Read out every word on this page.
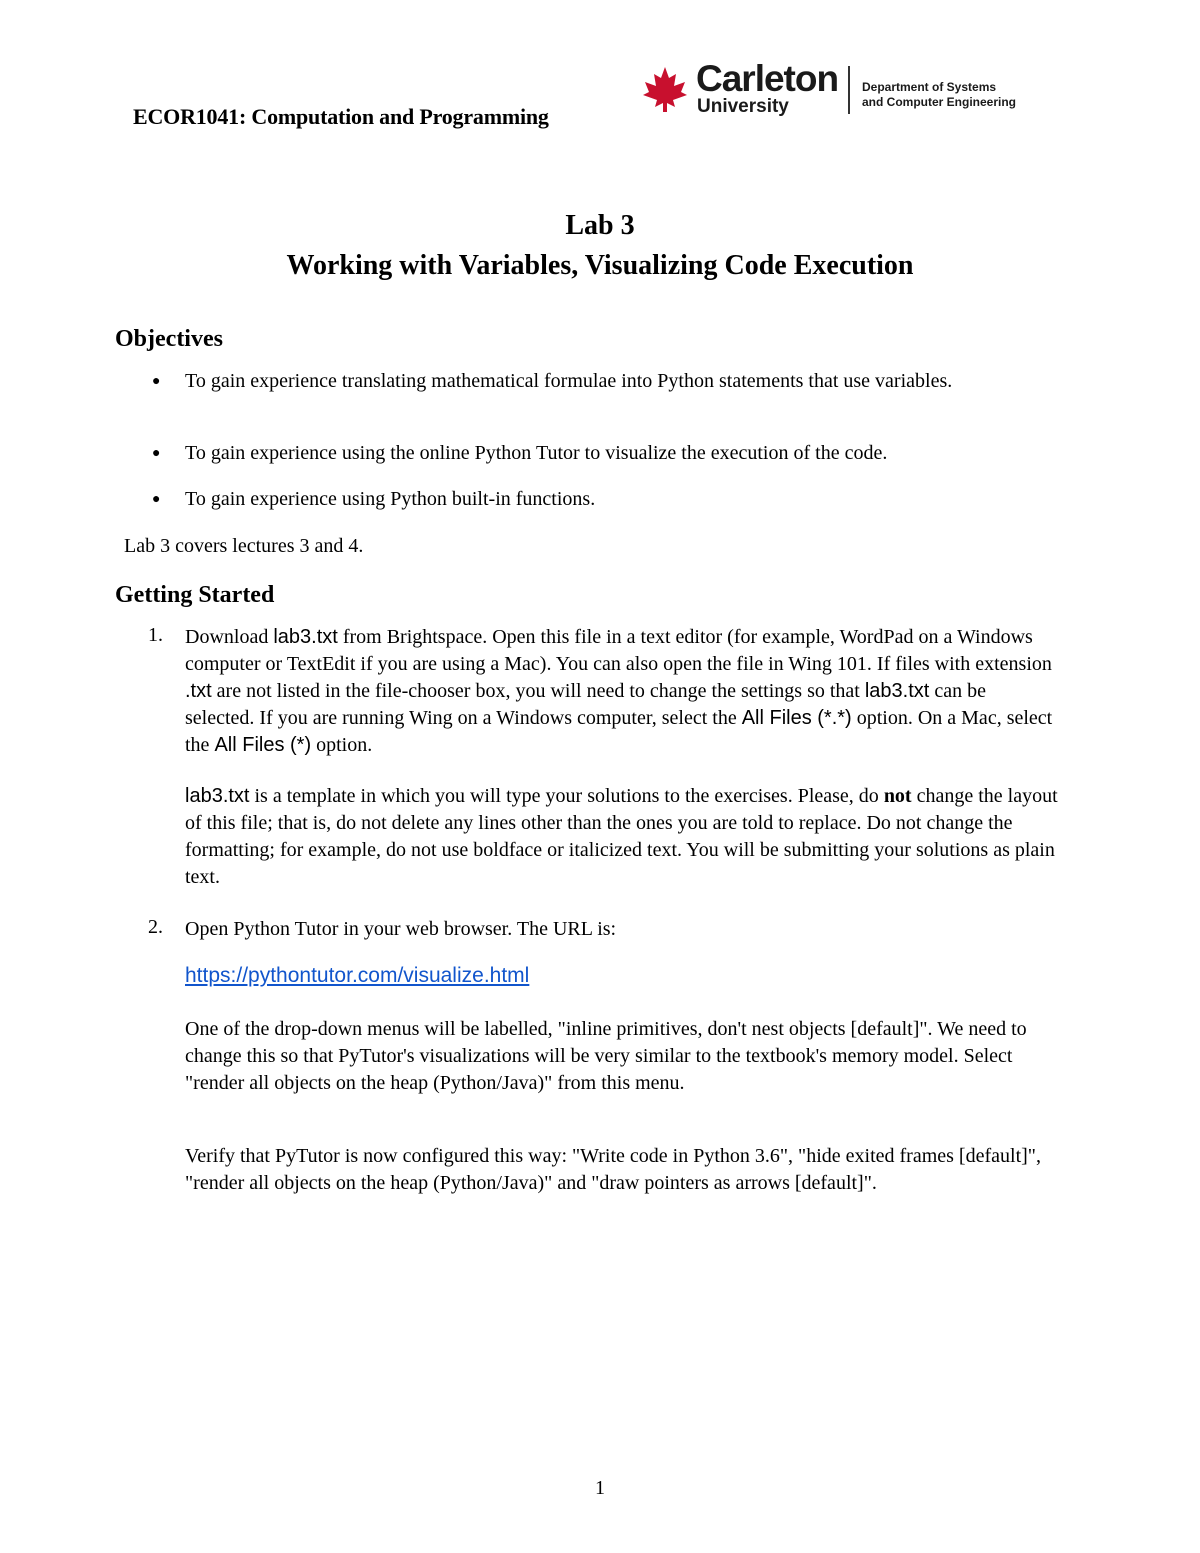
ECOR1041: Computation and Programming
Carleton
University
Department of Systems
and Computer Engineering
Lab 3
Working with Variables, Visualizing Code Execution
Objectives
● To gain experience translating mathematical formulae into Python statements that use variables.

● To gain experience using the online Python Tutor to visualize the execution of the code.

● To gain experience using Python built-in functions.

Lab 3 covers lectures 3 and 4.

Getting Started
1. Download lab3.txt from Brightspace. Open this file in a text editor (for example, WordPad on a Windows computer or TextEdit if you are using a Mac). You can also open the file in Wing 101. If files with extension .txt are not listed in the file-chooser box, you will need to change the settings so that lab3.txt can be selected. If you are running Wing on a Windows computer, select the All Files (*.*) option. On a Mac, select the All Files (*) option.

lab3.txt is a template in which you will type your solutions to the exercises. Please, do not change the layout of this file; that is, do not delete any lines other than the ones you are told to replace. Do not change the formatting; for example, do not use boldface or italicized text. You will be submitting your solutions as plain text.

2. Open Python Tutor in your web browser. The URL is:

https://pythontutor.com/visualize.html

One of the drop-down menus will be labelled, "inline primitives, don't nest objects [default]". We need to change this so that PyTutor's visualizations will be very similar to the textbook's memory model. Select "render all objects on the heap (Python/Java)" from this menu.

Verify that PyTutor is now configured this way: "Write code in Python 3.6", "hide exited frames [default]", "render all objects on the heap (Python/Java)" and "draw pointers as arrows [default]".

1
